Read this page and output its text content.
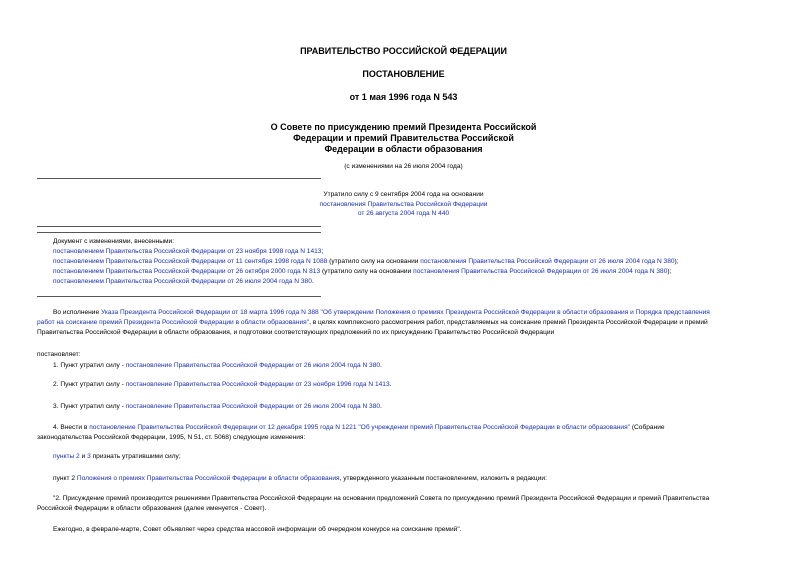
ПРАВИТЕЛЬСТВО РОССИЙСКОЙ ФЕДЕРАЦИИ
ПОСТАНОВЛЕНИЕ
от 1 мая 1996 года N 543
О Совете по присуждению премий Президента Российской
Федерации и премий Правительства Российской
Федерации в области образования
(с изменениями на 26 июля 2004 года)
Утратило силу с 9 сентября 2004 года на основании
постановления Правительства Российской Федерации
от 26 августа 2004 года N 440
Документ с изменениями, внесенными:
постановлением Правительства Российской Федерации от 23 ноября 1998 года N 1413;
постановлением Правительства Российской Федерации от 11 сентября 1998 года N 1088 (утратило силу на основании постановления Правительства Российской Федерации от 26 июля 2004 года N 380);
постановлением Правительства Российской Федерации от 26 октября 2000 года N 813 (утратило силу на основании постановления Правительства Российской Федерации от 26 июля 2004 года N 380);
постановлением Правительства Российской Федерации от 26 июля 2004 года N 380.
Во исполнение Указа Президента Российской Федерации от 18 марта 1996 года N 388 "Об утверждении Положения о премиях Президента Российской Федерации в области образования и Порядка представления
работ на соискание премий Президента Российской Федерации в области образования", в целях комплексного рассмотрения работ, представляемых на соискание премий Президента Российской Федерации и премий
Правительства Российской Федерации в области образования, и подготовки соответствующих предложений по их присуждению Правительство Российской Федерации
постановляет:
1. Пункт утратил силу - постановление Правительства Российской Федерации от 26 июля 2004 года N 380.
2. Пункт утратил силу - постановление Правительства Российской Федерации от 23 ноября 1996 года N 1413.
3. Пункт утратил силу - постановление Правительства Российской Федерации от 26 июля 2004 года N 380.
4. Внести в постановление Правительства Российской Федерации от 12 декабря 1995 года N 1221 "Об учреждении премий Правительства Российской Федерации в области образования" (Собрание
законодательства Российской Федерации, 1995, N 51, ст. 5068) следующие изменения:
пункты 2 и 3 признать утратившими силу;
пункт 2 Положения о премиях Правительства Российской Федерации в области образования, утвержденного указанным постановлением, изложить в редакции:
"2. Присуждение премий производится решениями Правительства Российской Федерации на основании предложений Совета по присуждению премий Президента Российской Федерации и премий Правительства
Российской Федерации в области образования (далее именуется - Совет).
Ежегодно, в феврале-марте, Совет объявляет через средства массовой информации об очередном конкурсе на соискание премий".
